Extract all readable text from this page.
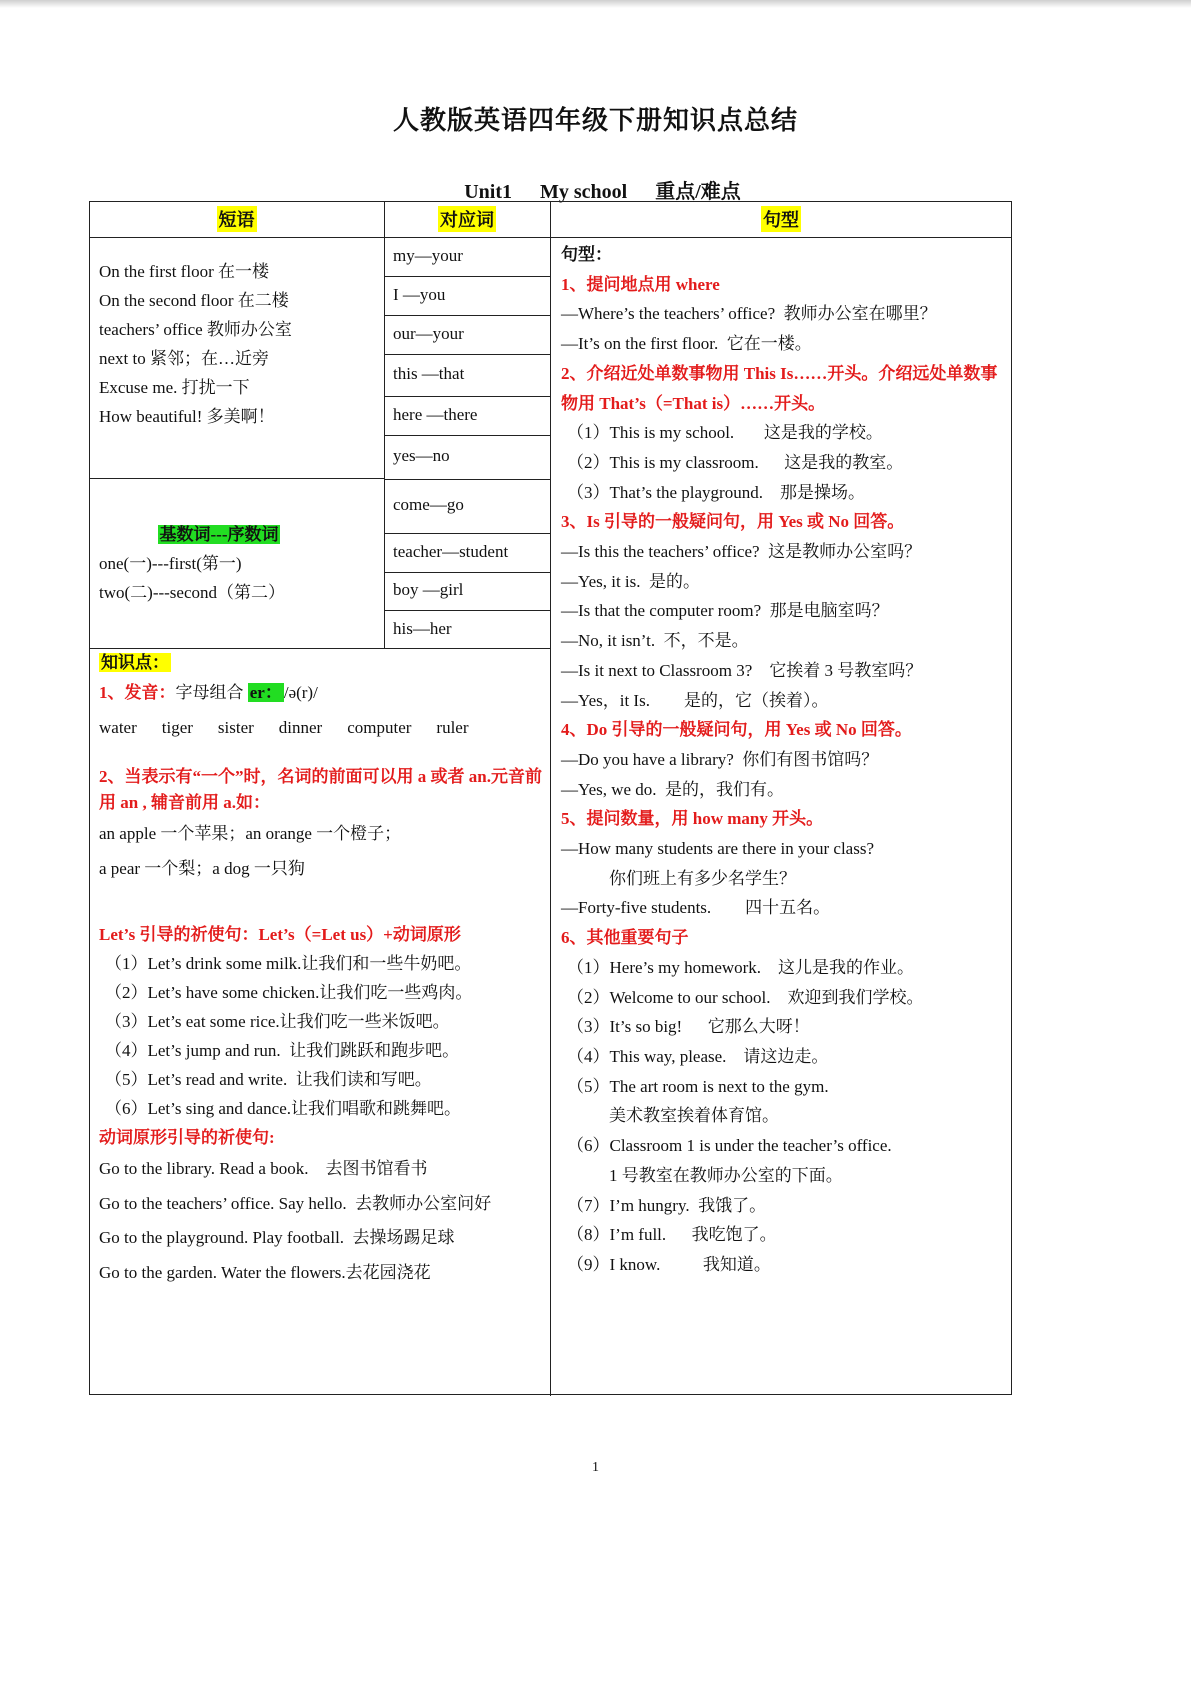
人教版英语四年级下册知识点总结
Unit1 My school 重点/难点
短语	对应词	句型
On the first floor 在一楼
On the second floor 在二楼
teachers’ office 教师办公室
next to 紧邻；在…近旁
Excuse me. 打扰一下
How beautiful! 多美啊！
基数词---序数词
one(一)---first(第一)
two(二)---second（第二）
知识点：
1、发音：字母组合 er： /ə(r)/
water    tiger    sister    dinner    computer    ruler
2、当表示有“一个”时，名词的前面可以用 a 或者 an.元音前用 an , 辅音前用 a.如：
an apple 一个苹果；an orange 一个橙子；
a pear 一个梨；a dog 一只狗
Let’s 引导的祈使句：Let’s（=Let us）+动词原形
（1）Let’s drink some milk.让我们和一些牛奶吧。
（2）Let’s have some chicken.让我们吃一些鸡肉。
（3）Let’s eat some rice.让我们吃一些米饭吧。
（4）Let’s jump and run.  让我们跳跃和跑步吧。
（5）Let’s read and write.  让我们读和写吧。
（6）Let’s sing and dance.让我们唱歌和跳舞吧。
动词原形引导的祈使句:
Go to the library. Read a book.    去图书馆看书
Go to the teachers’ office. Say hello.  去教师办公室问好
Go to the playground. Play football.  去操场踢足球
Go to the garden. Water the flowers.去花园浇花
句型：
1、提问地点用 where
—Where’s the teachers’ office?  教师办公室在哪里？
—It’s on the first floor.  它在一楼。
2、介绍近处单数事物用 This Is……开头。介绍远处单数事物用 That’s（=That is）……开头。
（1）This is my school.       这是我的学校。
（2）This is my classroom.      这是我的教室。
（3）That’s the playground.    那是操场。
3、Is 引导的一般疑问句，用 Yes 或 No 回答。
—Is this the teachers’ office?  这是教师办公室吗？
—Yes, it is.  是的。
—Is that the computer room?  那是电脑室吗？
—No, it isn’t.  不，不是。
—Is it next to Classroom 3?    它挨着 3 号教室吗？
—Yes，it Is.        是的，它（挨着）。
4、Do 引导的一般疑问句，用 Yes 或 No 回答。
—Do you have a library?  你们有图书馆吗？
—Yes, we do.  是的，我们有。
5、提问数量，用 how many 开头。
—How many students are there in your class?
你们班上有多少名学生？
—Forty-five students.        四十五名。
6、其他重要句子
（1）Here’s my homework.    这儿是我的作业。
（2）Welcome to our school.    欢迎到我们学校。
（3）It’s so big!      它那么大呀！
（4）This way, please.    请这边走。
（5）The art room is next to the gym.
美术教室挨着体育馆。
（6）Classroom 1 is under the teacher’s office.
1 号教室在教师办公室的下面。
（7）I’m hungry.  我饿了。
（8）I’m full.      我吃饱了。
（9）I know.          我知道。
1
my—your
I —you
our—your
this —that
here —there
yes—no
come—go
teacher—student
boy —girl
his—her
